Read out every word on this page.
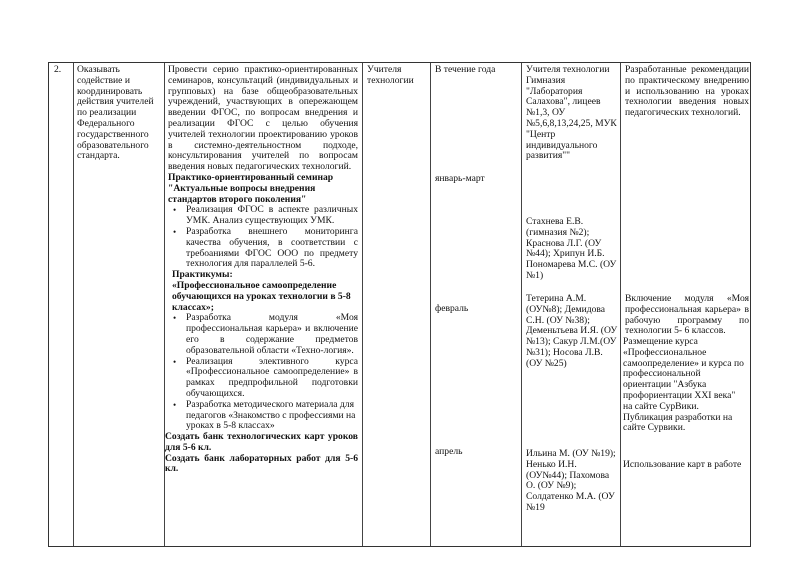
2.	Оказывать содействие и координировать действия учителей по реализации Федерального государственного образовательного стандарта.

Провести серию практико-ориентированных семинаров, консультаций (индивидуальных и групповых) на базе общеобразовательных учреждений, участвующих в опережающем введении ФГОС, по вопросам внедрения и реализации ФГОС с целью обучения учителей технологии проектированию уроков в системно-деятельностном подходе, консультирования учителей по вопросам введения новых педагогических технологий.

Практико-ориентированный семинар "Актуальные вопросы внедрения стандартов второго поколения"

• Реализация ФГОС в аспекте различных УМК. Анализ существующих УМК.
• Разработка внешнего мониторинга качества обучения, в соответствии с требоаниями ФГОС ООО по предмету технология для параллелей 5-6.

Практикумы:

«Профессиональное самоопределение обучающихся на уроках технологии в 5-8 классах»;

• Разработка модуля «Моя профессиональная карьера» и включение его в содержание предметов образовательной области «Техно-логия».
• Реализация элективного курса «Профессиональное самоопределение» в рамках предпрофильной подготовки обучающихся.
• Разработка методического материала для педагогов «Знакомство с профессиями на уроках в 5-8 классах»

Создать банк технологических карт уроков для 5-6 кл.

Создать банк лабораторных работ для 5-6 кл.

Учителя технологии
В течение года
январь-март
февраль
апрель
Учителя технологии Гимназия "Лаборатория Салахова", лицеев №1,3, ОУ №5,6,8,13,24,25, МУК "Центр индивидуального развития""
Стахнева Е.В. (гимназия №2); Краснова Л.Г. (ОУ №44); Хрипун И.Б. Пономарева М.С. (ОУ №1)
Тетерина А.М. (ОУ№8); Демидова С.Н. (ОУ №38); Деменьтьева И.Я. (ОУ №13); Сакур Л.М.(ОУ №31); Носова Л.В. (ОУ №25)
Ильина М. (ОУ №19); Ненько И.Н. (ОУ№44); Пахомова О. (ОУ №9); Солдатенко М.А. (ОУ №19
Разработанные рекомендации по практическому внедрению и использованию на уроках технологии введения новых педагогических технологий.
Включение модуля «Моя профессиональная карьера» в рабочую программу по технологии 5- 6 классов.
Размещение курса «Профессиональное самоопределение» и курса по профессиональной ориентации "Азбука профориентации XXI века" на сайте СурВики. Публикация разработки на сайте Сурвики.
Использование карт в работе
